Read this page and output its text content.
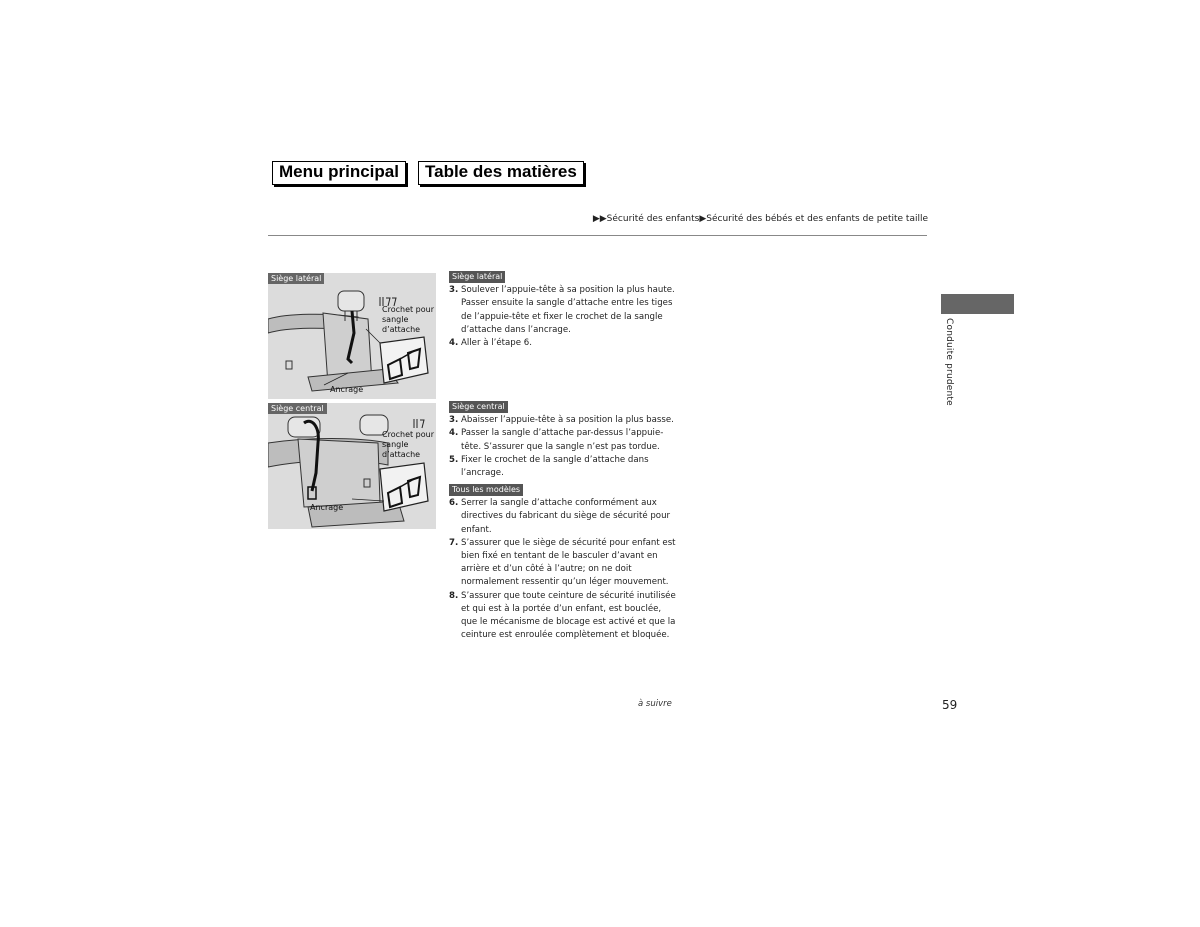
Menu principal	Table des matières
▶▶Sécurité des enfants▶Sécurité des bébés et des enfants de petite taille
Conduite prudente
Siège latéral
Crochet pour sangle d’attache
Ancrage
Siège central
Crochet pour sangle d’attache
Ancrage
Siège latéral
3. Soulever l’appuie-tête à sa position la plus haute. Passer ensuite la sangle d’attache entre les tiges de l’appuie-tête et fixer le crochet de la sangle d’attache dans l’ancrage.
4. Aller à l’étape 6.
Siège central
3. Abaisser l’appuie-tête à sa position la plus basse.
4. Passer la sangle d’attache par-dessus l’appuie-tête. S’assurer que la sangle n’est pas tordue.
5. Fixer le crochet de la sangle d’attache dans l’ancrage.
Tous les modèles
6. Serrer la sangle d’attache conformément aux directives du fabricant du siège de sécurité pour enfant.
7. S’assurer que le siège de sécurité pour enfant est bien fixé en tentant de le basculer d’avant en arrière et d’un côté à l’autre; on ne doit normalement ressentir qu’un léger mouvement.
8. S’assurer que toute ceinture de sécurité inutilisée et qui est à la portée d’un enfant, est bouclée, que le mécanisme de blocage est activé et que la ceinture est enroulée complètement et bloquée.
à suivre	59
